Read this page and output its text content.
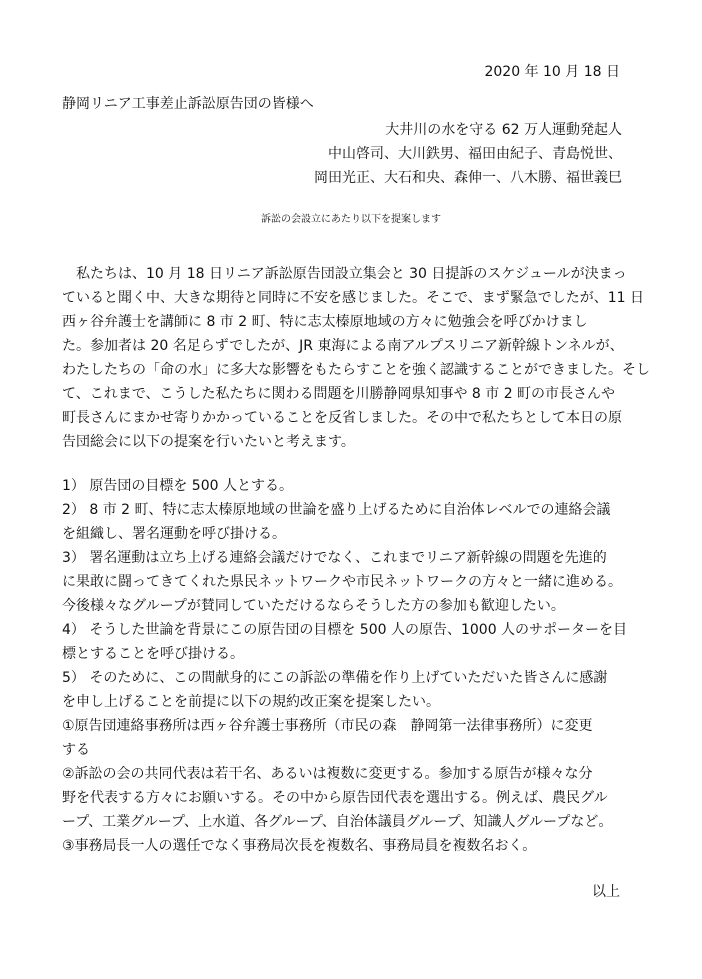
2020 年 10 月 18 日
静岡リニア工事差止訴訟原告団の皆様へ
大井川の水を守る 62 万人運動発起人
中山啓司、大川鉄男、福田由紀子、青島悦世、
岡田光正、大石和央、森伸一、八木勝、福世義巳
訴訟の会設立にあたり以下を提案します
　私たちは、10 月 18 日リニア訴訟原告団設立集会と 30 日提訴のスケジュールが決まっ
ていると聞く中、大きな期待と同時に不安を感じました。そこで、まず緊急でしたが、11 日
西ヶ谷弁護士を講師に 8 市 2 町、特に志太榛原地域の方々に勉強会を呼びかけまし
た。参加者は 20 名足らずでしたが、JR 東海による南アルプスリニア新幹線トンネルが、
わたしたちの「命の水」に多大な影響をもたらすことを強く認識することができました。そし
て、これまで、こうした私たちに関わる問題を川勝静岡県知事や 8 市 2 町の市長さんや
町長さんにまかせ寄りかかっていることを反省しました。その中で私たちとして本日の原
告団総会に以下の提案を行いたいと考えます。
1） 原告団の目標を 500 人とする。
2） 8 市 2 町、特に志太榛原地域の世論を盛り上げるために自治体レベルでの連絡会議
を組織し、署名運動を呼び掛ける。
3） 署名運動は立ち上げる連絡会議だけでなく、これまでリニア新幹線の問題を先進的
に果敢に闘ってきてくれた県民ネットワークや市民ネットワークの方々と一緒に進める。
今後様々なグループが賛同していただけるならそうした方の参加も歓迎したい。
4） そうした世論を背景にこの原告団の目標を 500 人の原告、1000 人のサポーターを目
標とすることを呼び掛ける。
5） そのために、この間献身的にこの訴訟の準備を作り上げていただいた皆さんに感謝
を申し上げることを前提に以下の規約改正案を提案したい。
①原告団連絡事務所は西ヶ谷弁護士事務所（市民の森　静岡第一法律事務所）に変更
する
②訴訟の会の共同代表は若干名、あるいは複数に変更する。参加する原告が様々な分
野を代表する方々にお願いする。その中から原告団代表を選出する。例えば、農民グル
ープ、工業グループ、上水道、各グループ、自治体議員グループ、知識人グループなど。
③事務局長一人の選任でなく事務局次長を複数名、事務局員を複数名おく。
以上
